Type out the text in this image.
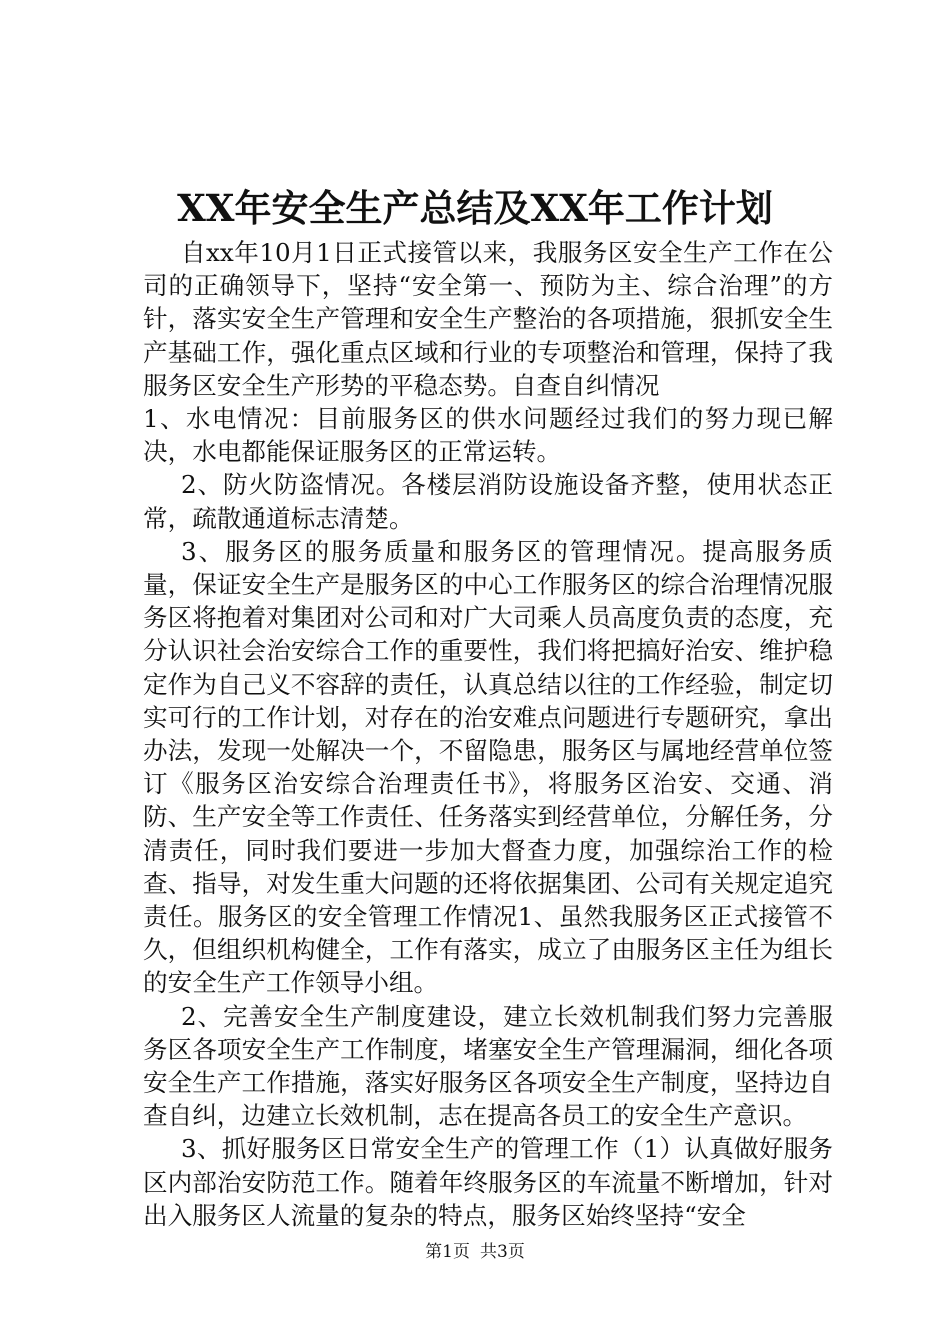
XX年安全生产总结及XX年工作计划

自xx年10月1日正式接管以来，我服务区安全生产工作在公司的正确领导下，坚持“安全第一、预防为主、综合治理”的方针，落实安全生产管理和安全生产整治的各项措施，狠抓安全生产基础工作，强化重点区域和行业的专项整治和管理，保持了我服务区安全生产形势的平稳态势。自查自纠情况

1、水电情况：目前服务区的供水问题经过我们的努力现已解决，水电都能保证服务区的正常运转。

2、防火防盗情况。各楼层消防设施设备齐整，使用状态正常，疏散通道标志清楚。

3、服务区的服务质量和服务区的管理情况。提高服务质量，保证安全生产是服务区的中心工作服务区的综合治理情况服务区将抱着对集团对公司和对广大司乘人员高度负责的态度，充分认识社会治安综合工作的重要性，我们将把搞好治安、维护稳定作为自己义不容辞的责任，认真总结以往的工作经验，制定切实可行的工作计划，对存在的治安难点问题进行专题研究，拿出办法，发现一处解决一个，不留隐患，服务区与属地经营单位签订《服务区治安综合治理责任书》，将服务区治安、交通、消防、生产安全等工作责任、任务落实到经营单位，分解任务，分清责任，同时我们要进一步加大督查力度，加强综治工作的检查、指导，对发生重大问题的还将依据集团、公司有关规定追究责任。服务区的安全管理工作情况1、虽然我服务区正式接管不久，但组织机构健全，工作有落实，成立了由服务区主任为组长的安全生产工作领导小组。

2、完善安全生产制度建设，建立长效机制我们努力完善服务区各项安全生产工作制度，堵塞安全生产管理漏洞，细化各项安全生产工作措施，落实好服务区各项安全生产制度，坚持边自查自纠，边建立长效机制，志在提高各员工的安全生产意识。

3、抓好服务区日常安全生产的管理工作（1）认真做好服务区内部治安防范工作。随着年终服务区的车流量不断增加，针对出入服务区人流量的复杂的特点，服务区始终坚持“安全

第1页 共3页
